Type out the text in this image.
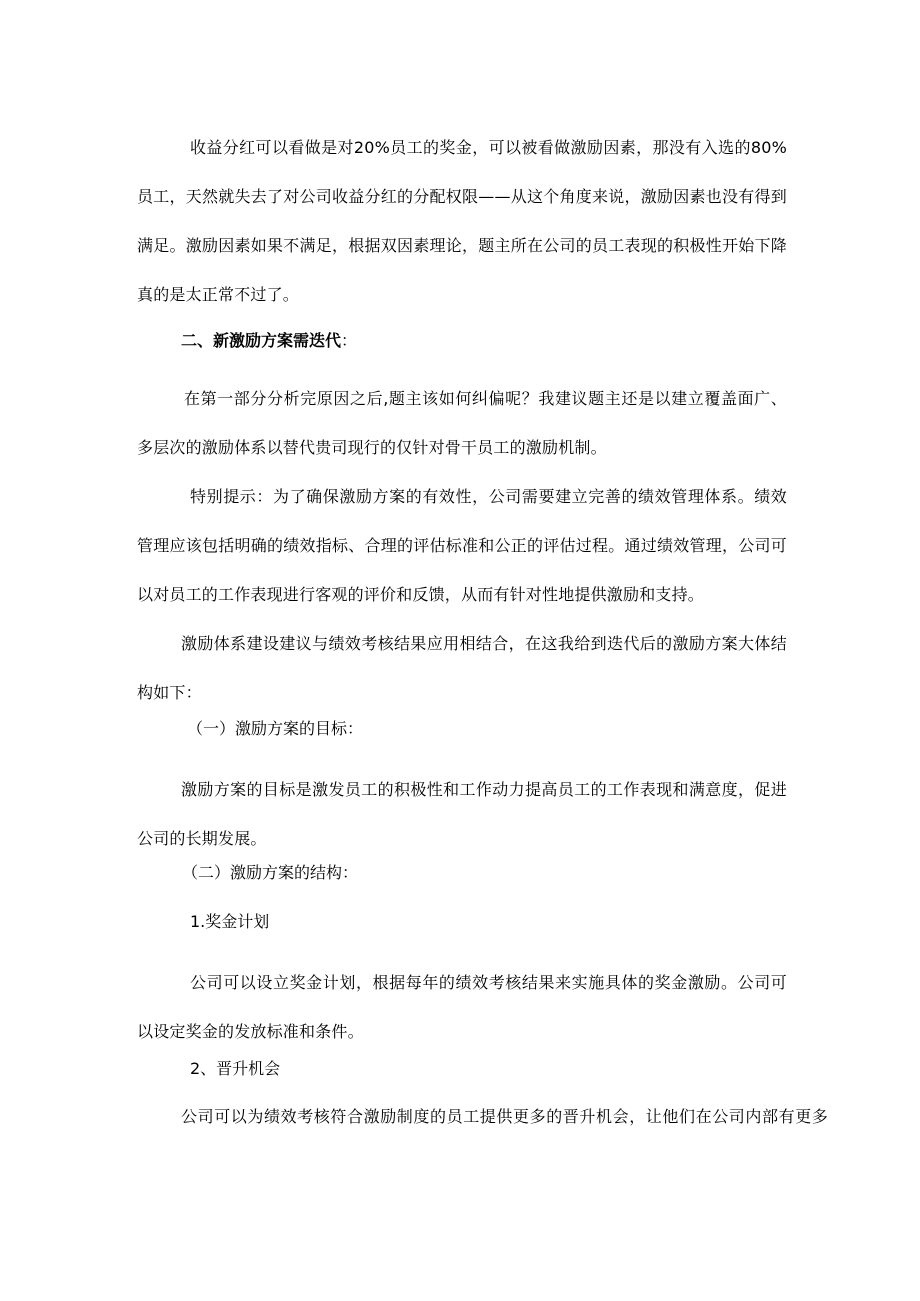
收益分红可以看做是对20%员工的奖金，可以被看做激励因素，那没有入选的80%员工，天然就失去了对公司收益分红的分配权限——从这个角度来说，激励因素也没有得到满足。激励因素如果不满足，根据双因素理论，题主所在公司的员工表现的积极性开始下降真的是太正常不过了。

二、新激励方案需迭代：

在第一部分分析完原因之后,题主该如何纠偏呢？我建议题主还是以建立覆盖面广、多层次的激励体系以替代贵司现行的仅针对骨干员工的激励机制。

特别提示：为了确保激励方案的有效性，公司需要建立完善的绩效管理体系。绩效管理应该包括明确的绩效指标、合理的评估标准和公正的评估过程。通过绩效管理，公司可以对员工的工作表现进行客观的评价和反馈，从而有针对性地提供激励和支持。

激励体系建设建议与绩效考核结果应用相结合，在这我给到迭代后的激励方案大体结构如下：

（一）激励方案的目标：

激励方案的目标是激发员工的积极性和工作动力提高员工的工作表现和满意度，促进公司的长期发展。

（二）激励方案的结构：

1.奖金计划

公司可以设立奖金计划，根据每年的绩效考核结果来实施具体的奖金激励。公司可以设定奖金的发放标准和条件。

2、晋升机会

公司可以为绩效考核符合激励制度的员工提供更多的晋升机会，让他们在公司内部有更多
